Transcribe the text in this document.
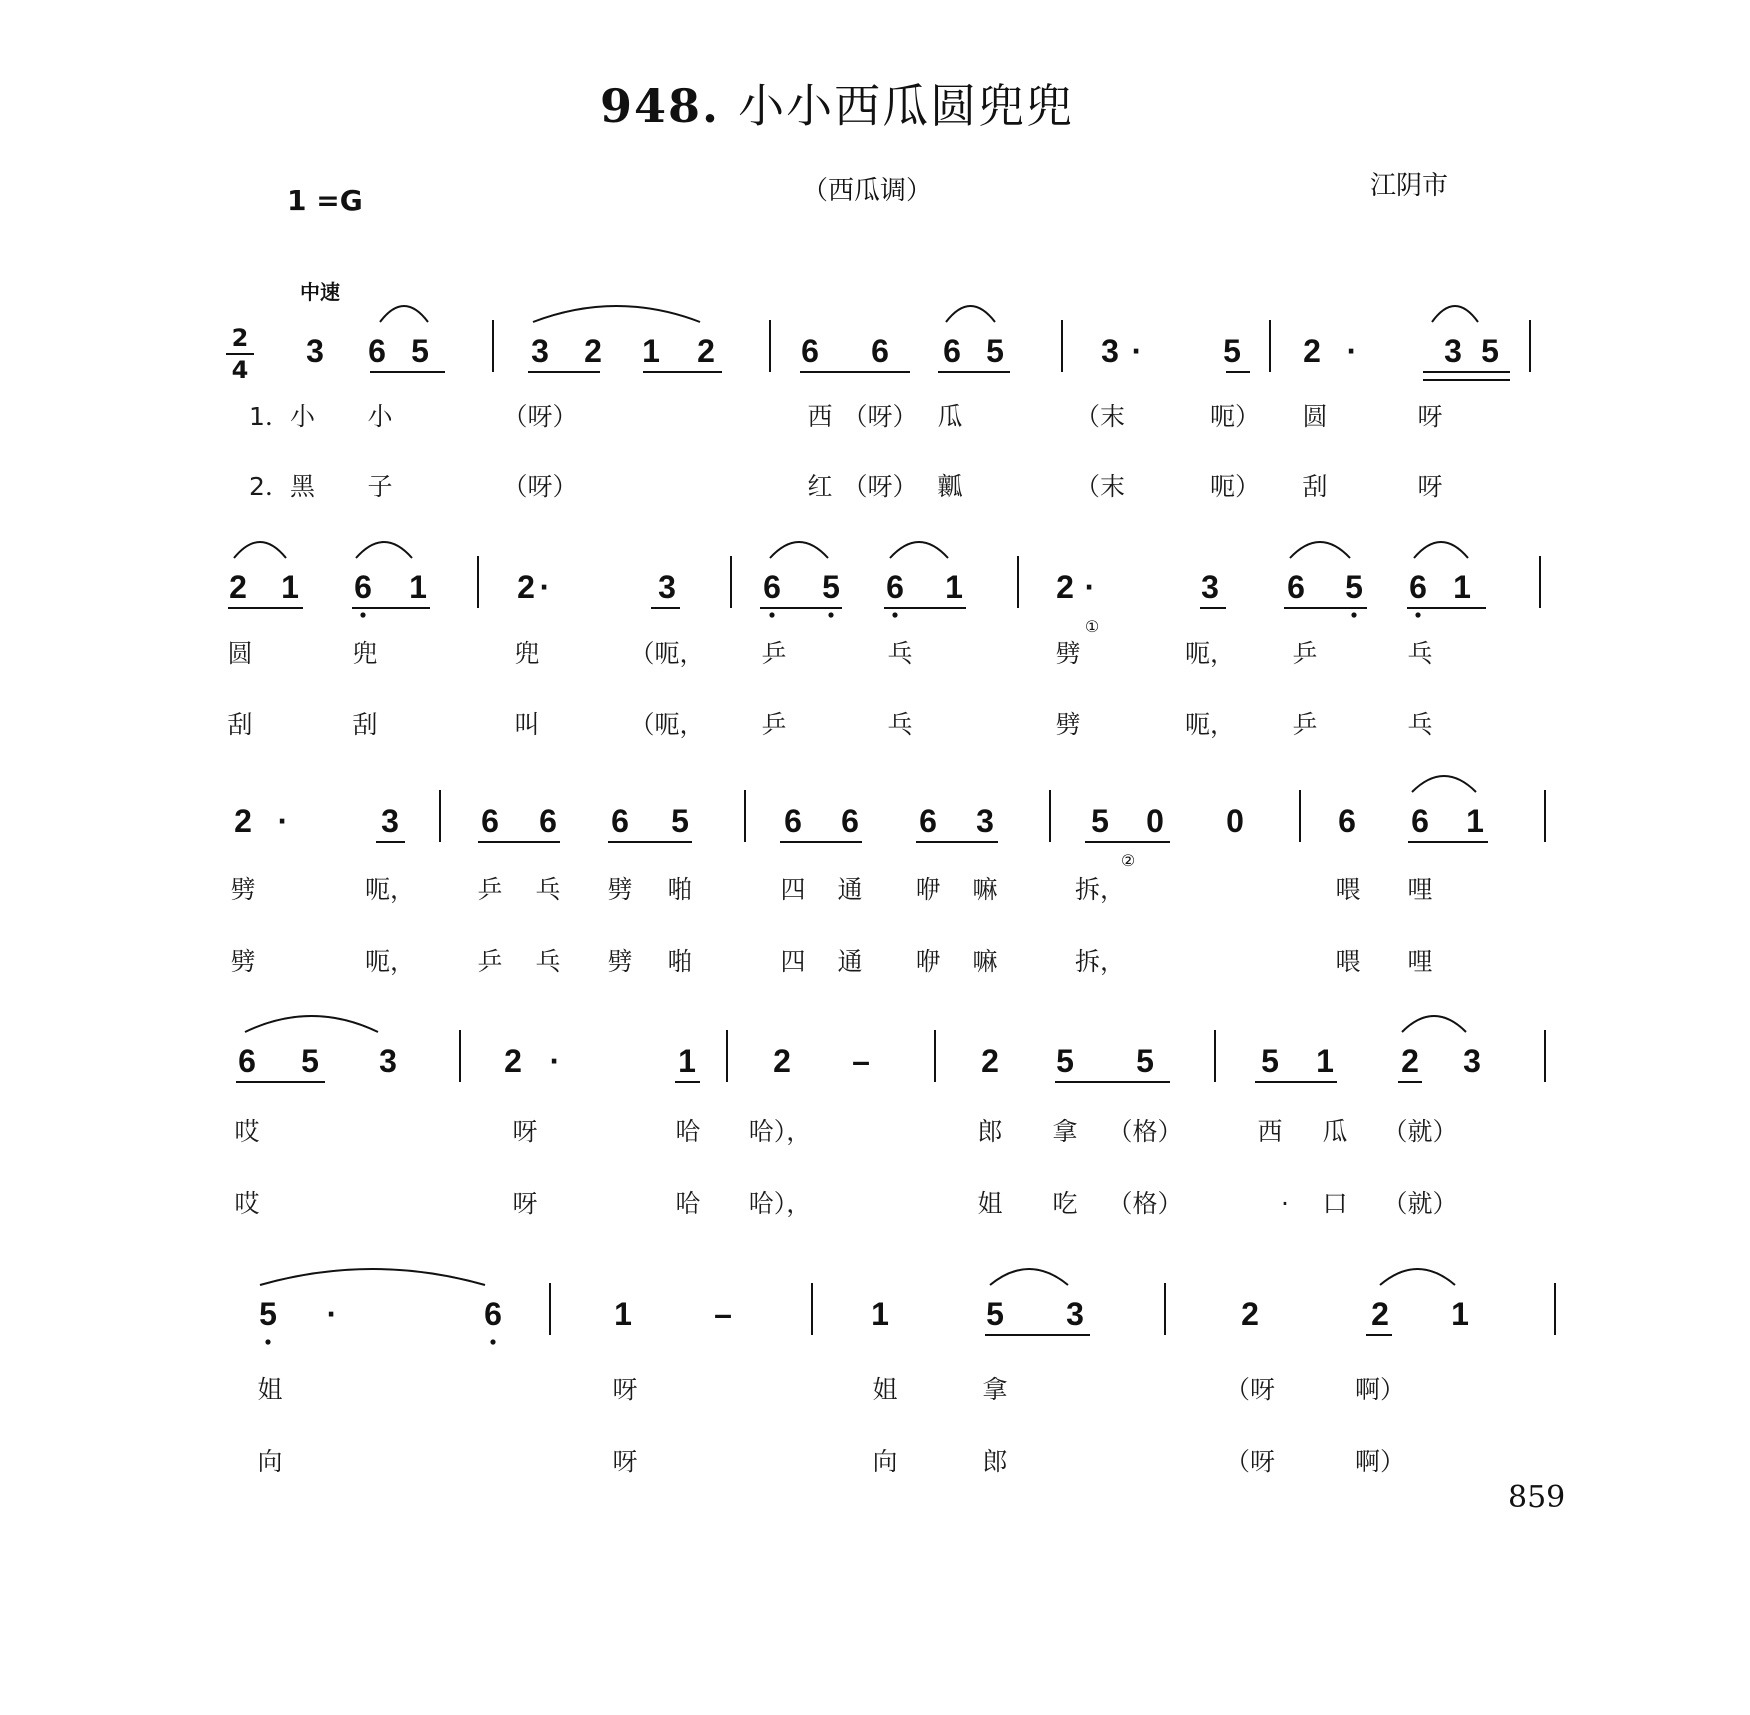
948. 小小西瓜圆兜兜
1 =G	（西瓜调）	江阴市
中速
2
4
3 6 5	3 2 1 2	6 6 6 5	3 ·	5 2 ·	3 5
1．小 小	（呀）	西 （呀） 瓜	（末	呃） 圆	呀
2．黑 子	（呀）	红 （呀） 瓤	（末	呃） 刮	呀
2 1 6 1	2 ·	3	6 5 6 1	2 ·	3 6 5 6 1
圆	兜	兜	（呃， 乒	乓	劈	呃， 乒	乓
刮	刮	叫	（呃， 乒	乓	劈	呃， 乒	乓
①
2 ·	3	6 6 6 5	6 6 6 3	5 0 0	6 6 1
劈	呃， 乒 乓 劈 啪	四 通 咿 嘛	拆，	喂 哩
劈	呃， 乒 乓 劈 啪	四 通 咿 嘛	拆，	喂 哩
②
6 5 3	2 ·	1 2 –	2 5 5	5 1 2 3
哎	呀	哈 哈），	郎 拿 （格）	西 瓜 （就）
哎	呀	哈 哈），	姐 吃 （格）	· 口 （就）
5 ·	6	1	–	1	5 3	2	2 1
姐	呀	姐	拿	（呀	啊）
向	呀	向	郎	（呀	啊）
859
